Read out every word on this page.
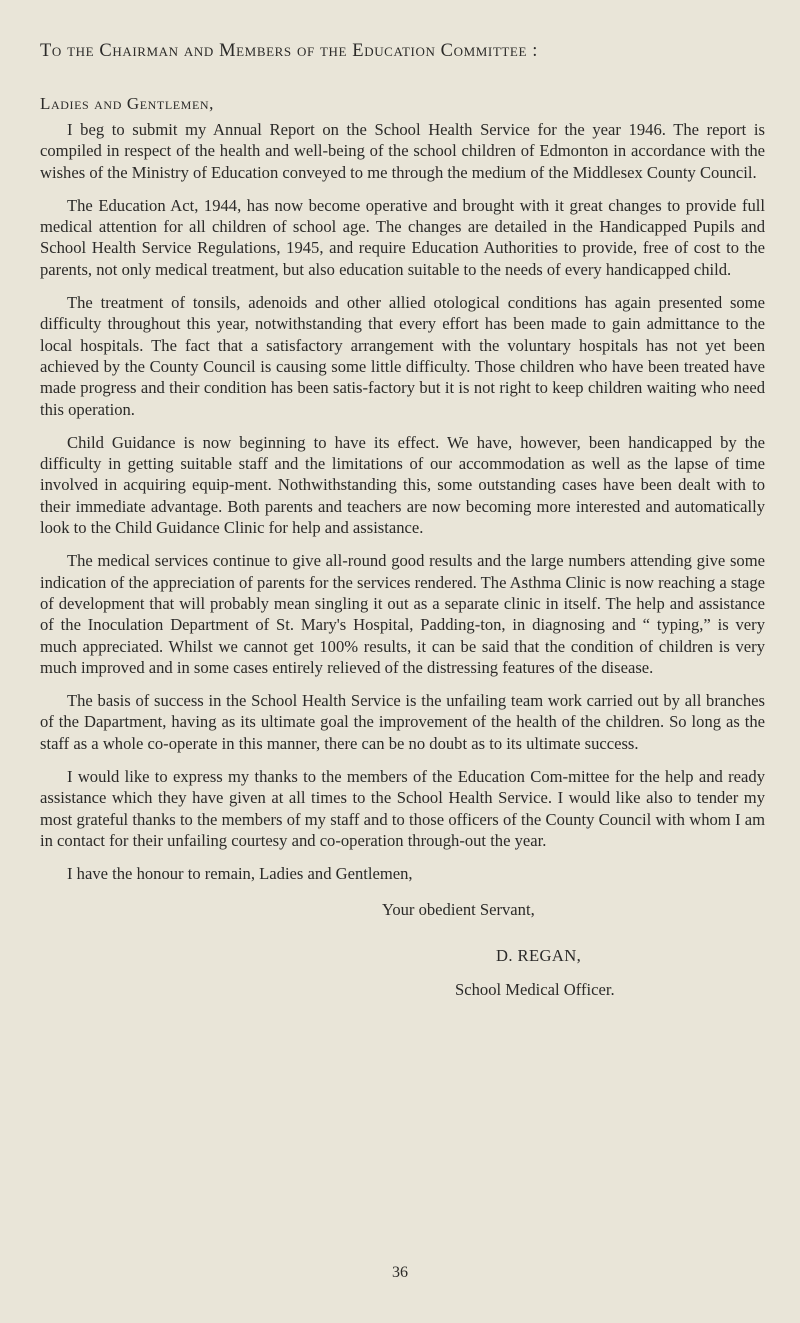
To the Chairman and Members of the Education Committee :
Ladies and Gentlemen,

I beg to submit my Annual Report on the School Health Service for the year 1946. The report is compiled in respect of the health and well-being of the school children of Edmonton in accordance with the wishes of the Ministry of Education conveyed to me through the medium of the Middlesex County Council.

The Education Act, 1944, has now become operative and brought with it great changes to provide full medical attention for all children of school age. The changes are detailed in the Handicapped Pupils and School Health Service Regulations, 1945, and require Education Authorities to provide, free of cost to the parents, not only medical treatment, but also education suitable to the needs of every handicapped child.

The treatment of tonsils, adenoids and other allied otological conditions has again presented some difficulty throughout this year, notwithstanding that every effort has been made to gain admittance to the local hospitals. The fact that a satisfactory arrangement with the voluntary hospitals has not yet been achieved by the County Council is causing some little difficulty. Those children who have been treated have made progress and their condition has been satis-factory but it is not right to keep children waiting who need this operation.

Child Guidance is now beginning to have its effect. We have, however, been handicapped by the difficulty in getting suitable staff and the limitations of our accommodation as well as the lapse of time involved in acquiring equip-ment. Nothwithstanding this, some outstanding cases have been dealt with to their immediate advantage. Both parents and teachers are now becoming more interested and automatically look to the Child Guidance Clinic for help and assistance.

The medical services continue to give all-round good results and the large numbers attending give some indication of the appreciation of parents for the services rendered. The Asthma Clinic is now reaching a stage of development that will probably mean singling it out as a separate clinic in itself. The help and assistance of the Inoculation Department of St. Mary's Hospital, Padding-ton, in diagnosing and “ typing,” is very much appreciated. Whilst we cannot get 100% results, it can be said that the condition of children is very much improved and in some cases entirely relieved of the distressing features of the disease.

The basis of success in the School Health Service is the unfailing team work carried out by all branches of the Dapartment, having as its ultimate goal the improvement of the health of the children. So long as the staff as a whole co-operate in this manner, there can be no doubt as to its ultimate success.

I would like to express my thanks to the members of the Education Com-mittee for the help and ready assistance which they have given at all times to the School Health Service. I would like also to tender my most grateful thanks to the members of my staff and to those officers of the County Council with whom I am in contact for their unfailing courtesy and co-operation through-out the year.

I have the honour to remain, Ladies and Gentlemen,

Your obedient Servant,
D. REGAN,
School Medical Officer.
36
